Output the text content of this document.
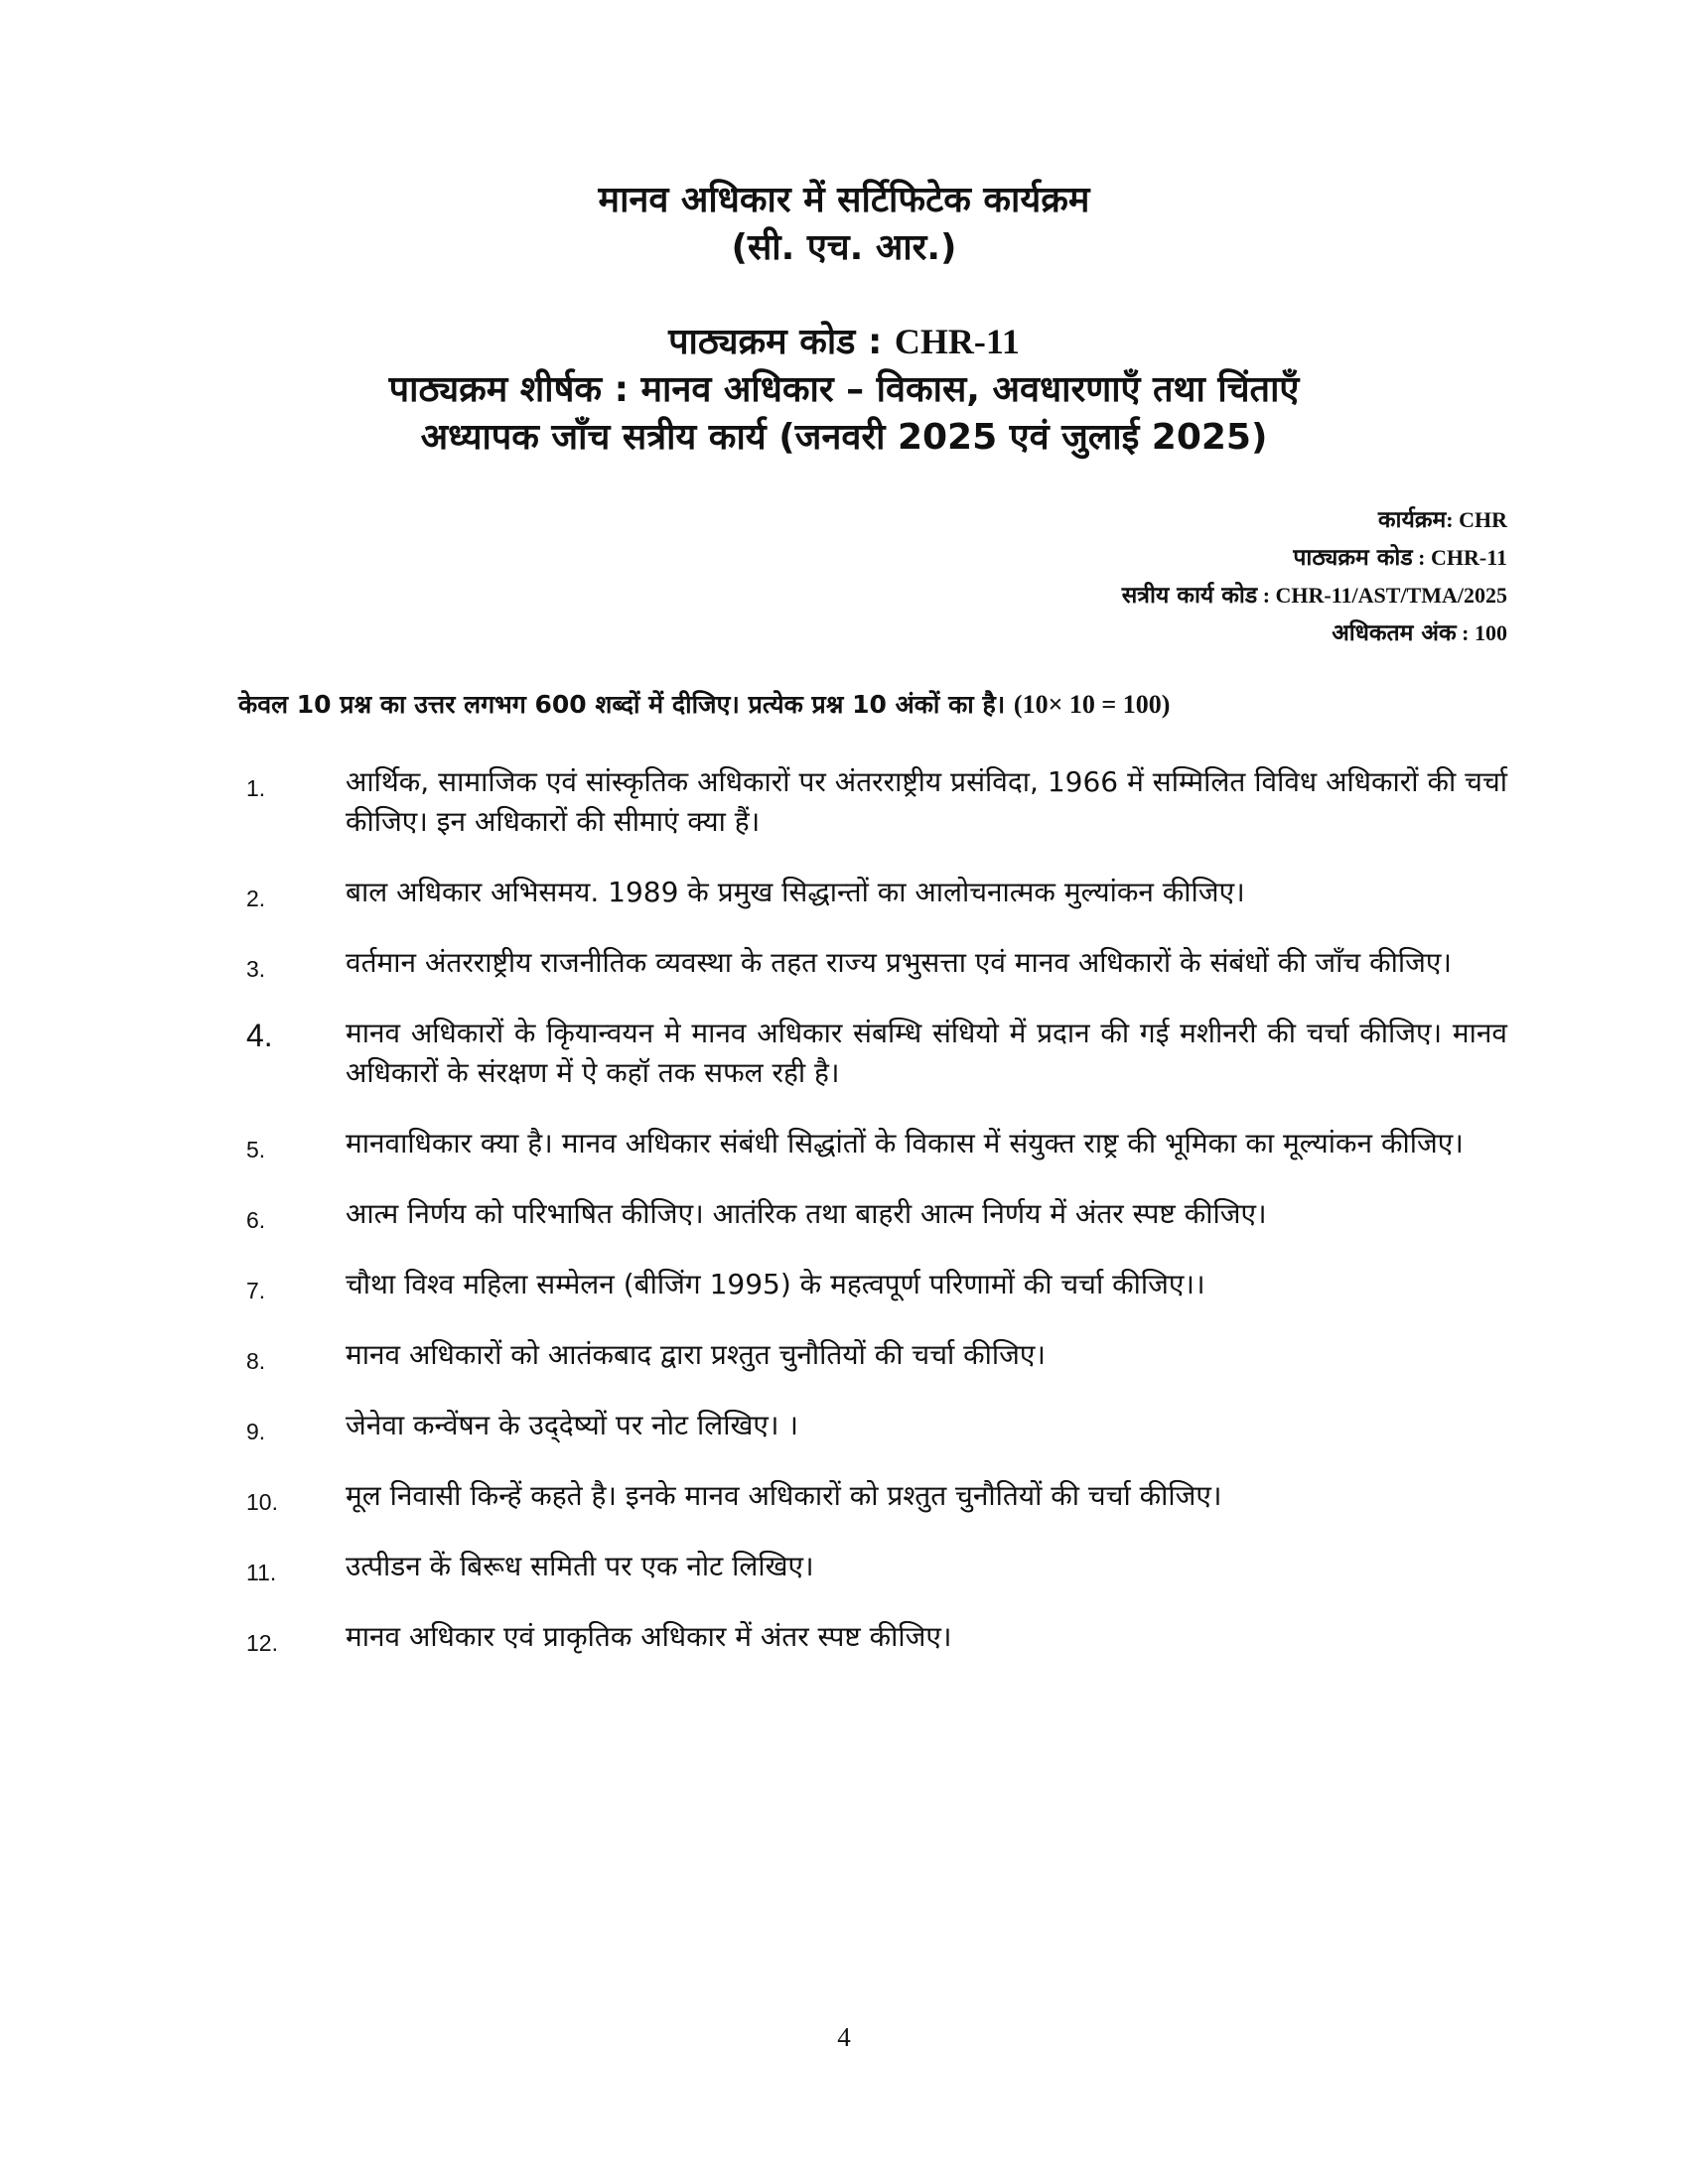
मानव अधिकार में सर्टिफिटेक कार्यक्रम
(सी. एच. आर.)
पाठ्यक्रम कोड : CHR-11
पाठ्यक्रम शीर्षक : मानव अधिकार – विकास, अवधारणाएँ तथा चिंताएँ
अध्यापक जाँच सत्रीय कार्य (जनवरी 2025 एवं जुलाई 2025)
कार्यक्रम: CHR
पाठ्यक्रम कोड : CHR-11
सत्रीय कार्य कोड : CHR-11/AST/TMA/2025
अधिकतम अंक : 100
केवल 10 प्रश्न का उत्तर लगभग 600 शब्दों में दीजिए। प्रत्येक प्रश्न 10 अंकों का है। (10× 10 = 100)
1.	आर्थिक, सामाजिक एवं सांस्कृतिक अधिकारों पर अंतरराष्ट्रीय प्रसंविदा, 1966 में सम्मिलित विविध अधिकारों की चर्चा कीजिए। इन अधिकारों की सीमाएं क्या हैं।
2.	बाल अधिकार अभिसमय. 1989 के प्रमुख सिद्धान्तों का आलोचनात्मक मुल्यांकन कीजिए।
3.	वर्तमान अंतरराष्ट्रीय राजनीतिक व्यवस्था के तहत राज्य प्रभुसत्ता एवं मानव अधिकारों के संबंधों की जाँच कीजिए।
4.	मानव अधिकारों के कृियान्वयन मे मानव अधिकार संबम्धि संधियो में प्रदान की गई मशीनरी की चर्चा कीजिए। मानव अधिकारों के संरक्षण में ऐ कहॉ तक सफल रही है।
5.	मानवाधिकार क्या है। मानव अधिकार संबंधी सिद्धांतों के विकास में संयुक्त राष्ट्र की भूमिका का मूल्यांकन कीजिए।
6.	आत्म निर्णय को परिभाषित कीजिए। आतंरिक तथा बाहरी आत्म निर्णय में अंतर स्पष्ट कीजिए।
7.	चौथा विश्व महिला सम्मेलन (बीजिंग 1995) के महत्वपूर्ण परिणामों की चर्चा कीजिए।।
8.	मानव अधिकारों को आतंकबाद द्वारा प्रश्तुत चुनौतियों की चर्चा कीजिए।
9.	जेनेवा कन्वेंषन के उद्‌देष्यों पर नोट लिखिए। ।
10. मूल निवासी किन्हें कहते है। इनके मानव अधिकारों को प्रश्तुत चुनौतियों की चर्चा कीजिए।
11. उत्पीडन कें बिरूध समिती पर एक नोट लिखिए।
12. मानव अधिकार एवं प्राकृतिक अधिकार में अंतर स्पष्ट कीजिए।
4
